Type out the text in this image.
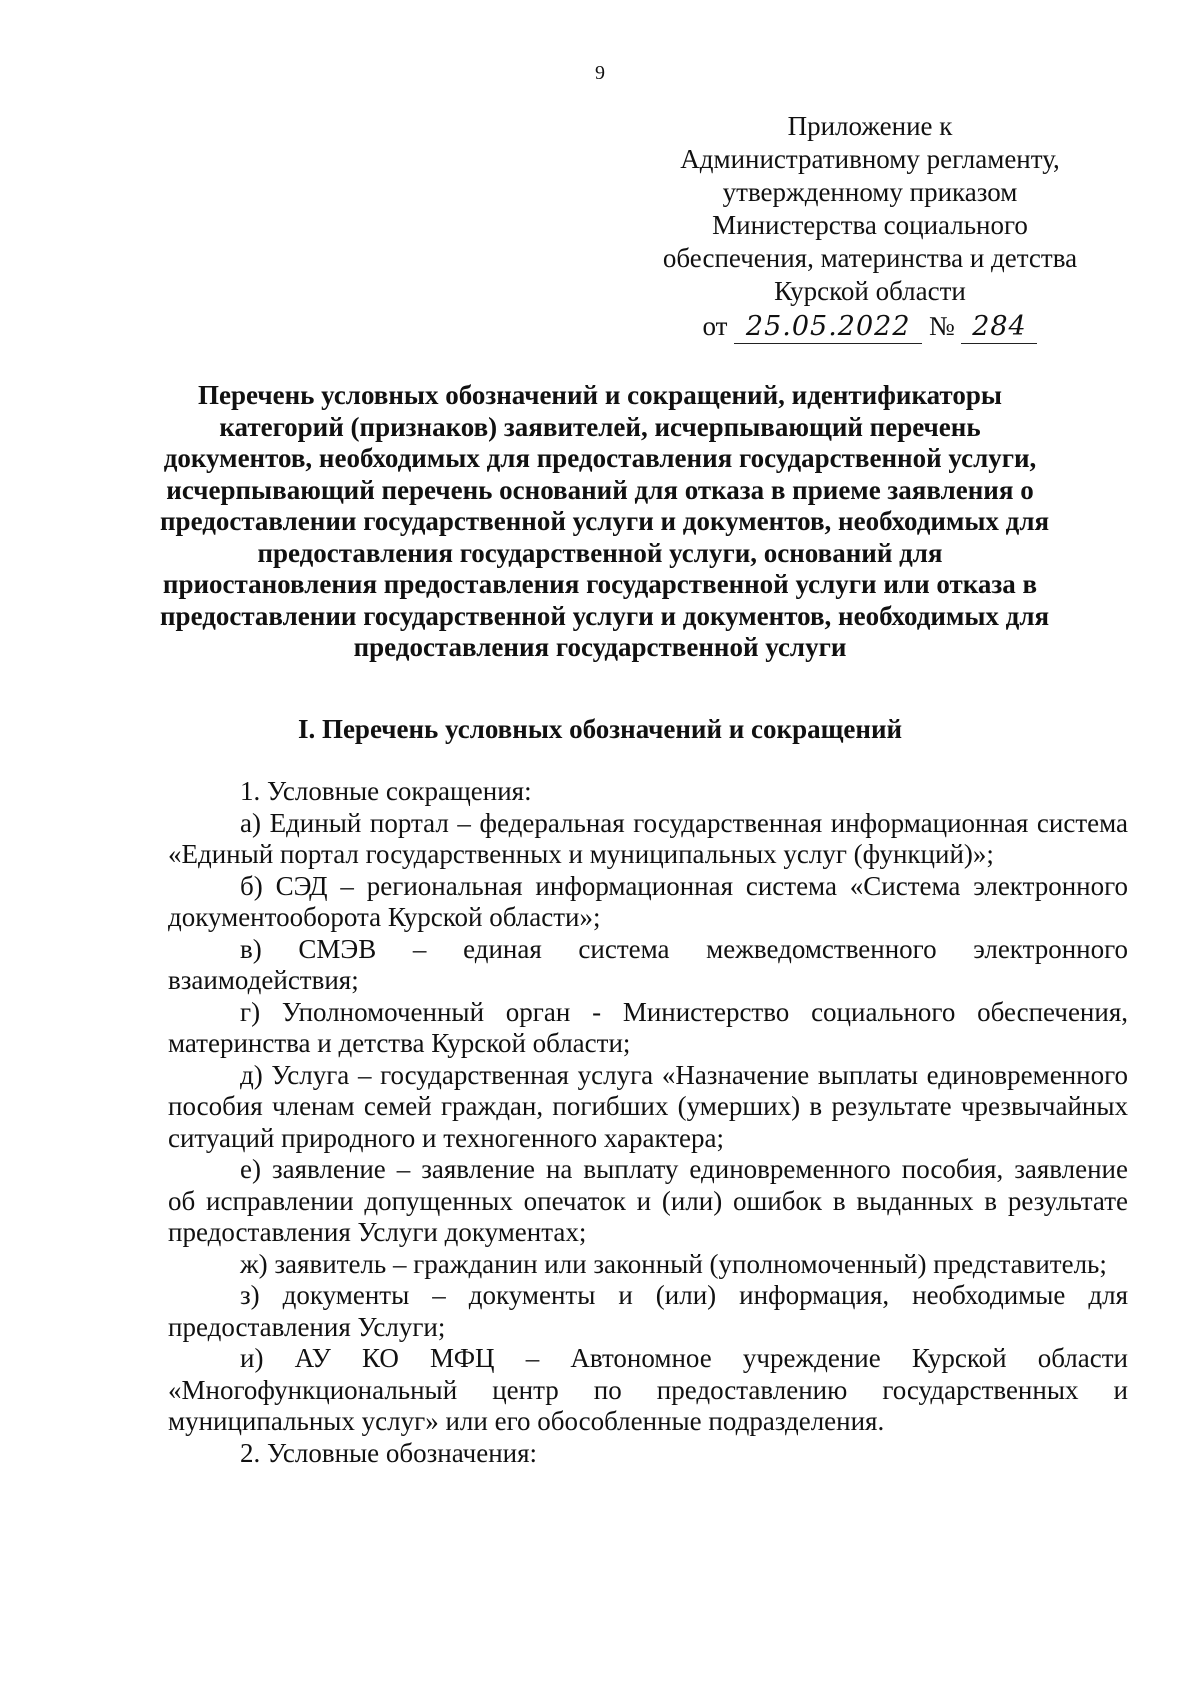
9
Приложение к
Административному регламенту,
утвержденному приказом
Министерства социального
обеспечения, материнства и детства
Курской области
от 25.05.2022 № 284
Перечень условных обозначений и сокращений, идентификаторы
категорий (признаков) заявителей, исчерпывающий перечень
документов, необходимых для предоставления государственной услуги,
исчерпывающий перечень оснований для отказа в приеме заявления о
предоставлении государственной услуги и документов, необходимых для
предоставления государственной услуги, оснований для
приостановления предоставления государственной услуги или отказа в
предоставлении государственной услуги и документов, необходимых для
предоставления государственной услуги
I. Перечень условных обозначений и сокращений

1. Условные сокращения:

а) Единый портал – федеральная государственная информационная система «Единый портал государственных и муниципальных услуг (функций)»;

б) СЭД – региональная информационная система «Система электронного документооборота Курской области»;

в) СМЭВ – единая система межведомственного электронного взаимодействия;

г) Уполномоченный орган - Министерство социального обеспечения, материнства и детства Курской области;

д) Услуга – государственная услуга «Назначение выплаты единовременного пособия членам семей граждан, погибших (умерших) в результате чрезвычайных ситуаций природного и техногенного характера;

е) заявление – заявление на выплату единовременного пособия, заявление об исправлении допущенных опечаток и (или) ошибок в выданных в результате предоставления Услуги документах;

ж) заявитель – гражданин или законный (уполномоченный) представитель;

з) документы – документы и (или) информация, необходимые для предоставления Услуги;

и) АУ КО МФЦ – Автономное учреждение Курской области «Многофункциональный центр по предоставлению государственных и муниципальных услуг» или его обособленные подразделения.

2. Условные обозначения:
